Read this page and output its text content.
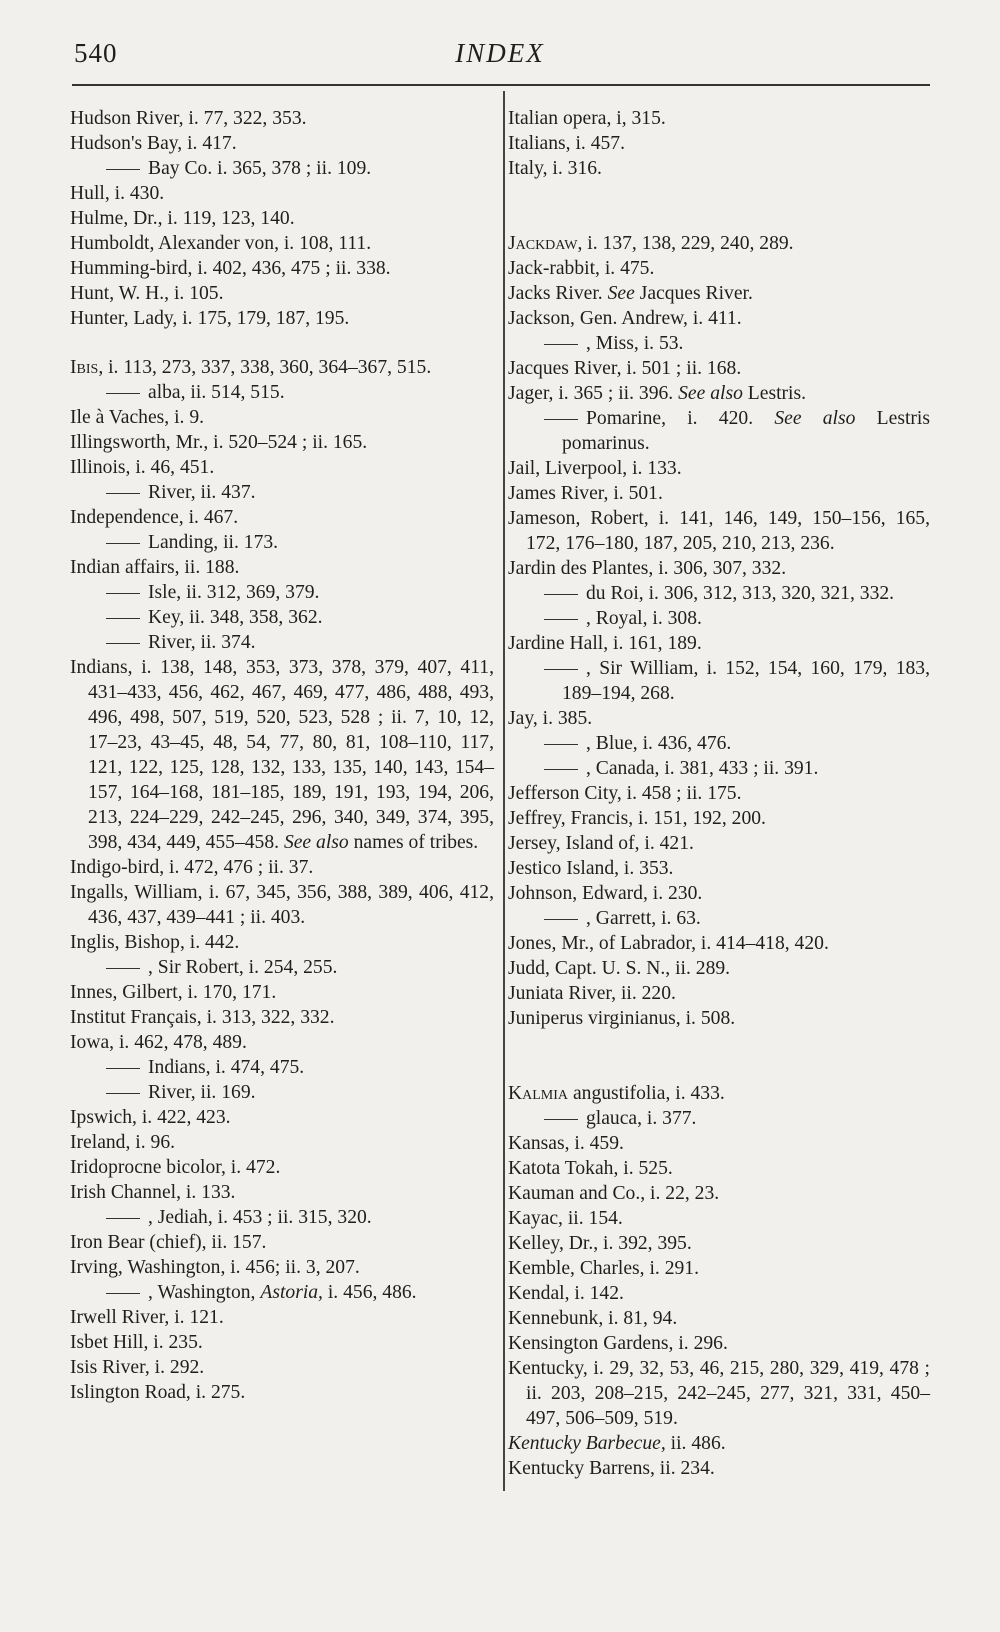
540	INDEX

Hudson River, i. 77, 322, 353.

Hudson's Bay, i. 417.

Bay Co. i. 365, 378 ; ii. 109.

Hull, i. 430.

Hulme, Dr., i. 119, 123, 140.

Humboldt, Alexander von, i. 108, 111.

Humming-bird, i. 402, 436, 475 ; ii. 338.

Hunt, W. H., i. 105.

Hunter, Lady, i. 175, 179, 187, 195.

Ibis, i. 113, 273, 337, 338, 360, 364–367, 515.

alba, ii. 514, 515.

Ile à Vaches, i. 9.

Illingsworth, Mr., i. 520–524 ; ii. 165.

Illinois, i. 46, 451.

River, ii. 437.

Independence, i. 467.

Landing, ii. 173.

Indian affairs, ii. 188.

Isle, ii. 312, 369, 379.

Key, ii. 348, 358, 362.

River, ii. 374.

Indians, i. 138, 148, 353, 373, 378, 379, 407, 411, 431–433, 456, 462, 467, 469, 477, 486, 488, 493, 496, 498, 507, 519, 520, 523, 528 ; ii. 7, 10, 12, 17–23, 43–45, 48, 54, 77, 80, 81, 108–110, 117, 121, 122, 125, 128, 132, 133, 135, 140, 143, 154–157, 164–168, 181–185, 189, 191, 193, 194, 206, 213, 224–229, 242–245, 296, 340, 349, 374, 395, 398, 434, 449, 455–458. See also names of tribes.

Indigo-bird, i. 472, 476 ; ii. 37.

Ingalls, William, i. 67, 345, 356, 388, 389, 406, 412, 436, 437, 439–441 ; ii. 403.

Inglis, Bishop, i. 442.

, Sir Robert, i. 254, 255.

Innes, Gilbert, i. 170, 171.

Institut Français, i. 313, 322, 332.

Iowa, i. 462, 478, 489.

Indians, i. 474, 475.

River, ii. 169.

Ipswich, i. 422, 423.

Ireland, i. 96.

Iridoprocne bicolor, i. 472.

Irish Channel, i. 133.

, Jediah, i. 453 ; ii. 315, 320.

Iron Bear (chief), ii. 157.

Irving, Washington, i. 456; ii. 3, 207.

, Washington, Astoria, i. 456, 486.

Irwell River, i. 121.

Isbet Hill, i. 235.

Isis River, i. 292.

Islington Road, i. 275.

Italian opera, i, 315.

Italians, i. 457.

Italy, i. 316.

Jackdaw, i. 137, 138, 229, 240, 289.

Jack-rabbit, i. 475.

Jacks River. See Jacques River.

Jackson, Gen. Andrew, i. 411.

, Miss, i. 53.

Jacques River, i. 501 ; ii. 168.

Jager, i. 365 ; ii. 396. See also Lestris.

Pomarine, i. 420. See also Lestris pomarinus.

Jail, Liverpool, i. 133.

James River, i. 501.

Jameson, Robert, i. 141, 146, 149, 150–156, 165, 172, 176–180, 187, 205, 210, 213, 236.

Jardin des Plantes, i. 306, 307, 332.

du Roi, i. 306, 312, 313, 320, 321, 332.

, Royal, i. 308.

Jardine Hall, i. 161, 189.

, Sir William, i. 152, 154, 160, 179, 183, 189–194, 268.

Jay, i. 385.

, Blue, i. 436, 476.

, Canada, i. 381, 433 ; ii. 391.

Jefferson City, i. 458 ; ii. 175.

Jeffrey, Francis, i. 151, 192, 200.

Jersey, Island of, i. 421.

Jestico Island, i. 353.

Johnson, Edward, i. 230.

, Garrett, i. 63.

Jones, Mr., of Labrador, i. 414–418, 420.

Judd, Capt. U. S. N., ii. 289.

Juniata River, ii. 220.

Juniperus virginianus, i. 508.

Kalmia angustifolia, i. 433.

glauca, i. 377.

Kansas, i. 459.

Katota Tokah, i. 525.

Kauman and Co., i. 22, 23.

Kayac, ii. 154.

Kelley, Dr., i. 392, 395.

Kemble, Charles, i. 291.

Kendal, i. 142.

Kennebunk, i. 81, 94.

Kensington Gardens, i. 296.

Kentucky, i. 29, 32, 53, 46, 215, 280, 329, 419, 478 ; ii. 203, 208–215, 242–245, 277, 321, 331, 450–497, 506–509, 519.

Kentucky Barbecue, ii. 486.

Kentucky Barrens, ii. 234.
